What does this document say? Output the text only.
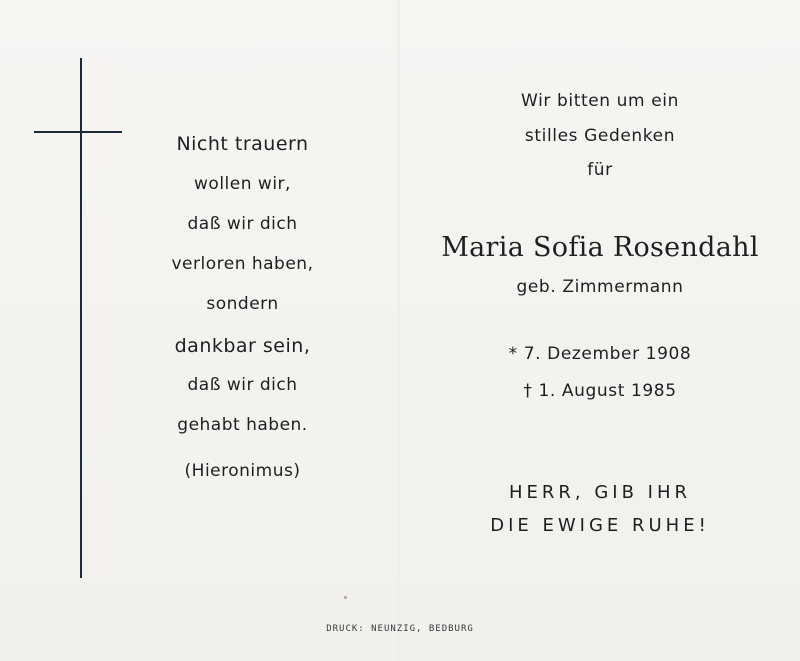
Nicht trauern
wollen wir,
daß wir dich
verloren haben,
sondern
dankbar sein,
daß wir dich
gehabt haben.
(Hieronimus)
Wir bitten um ein
stilles Gedenken
für
Maria Sofia Rosendahl
geb. Zimmermann
* 7. Dezember 1908
† 1. August 1985
HERR, GIB IHR
DIE EWIGE RUHE!
DRUCK: NEUNZIG, BEDBURG
